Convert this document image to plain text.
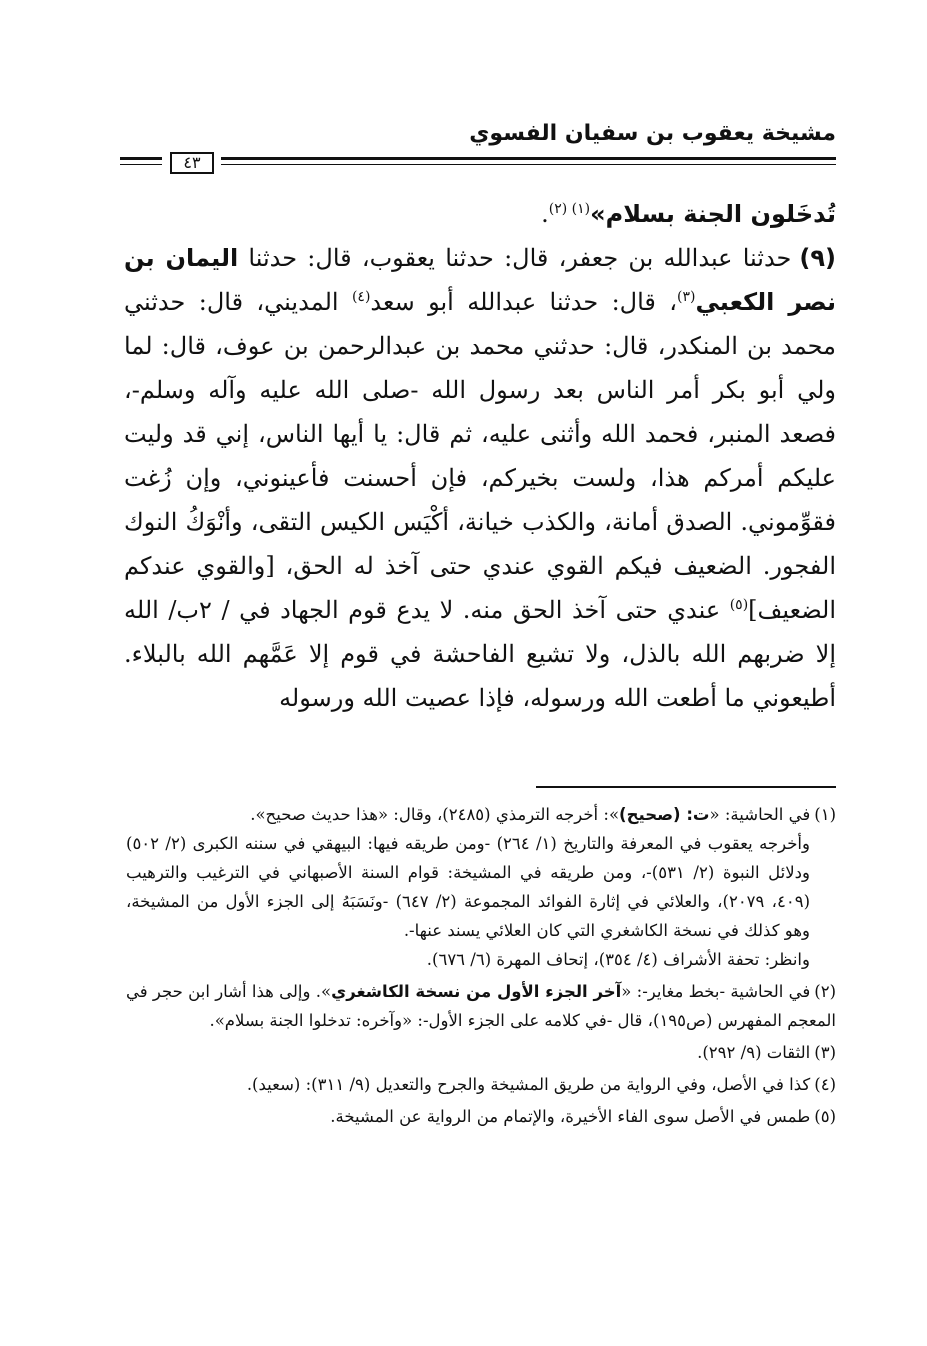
مشيخة يعقوب بن سفيان الفسوي
٤٣

تُدخَلون الجنة بسلام»$^{(١) (٢)}$.

(٩)حدثنا عبدالله بن جعفر، قال: حدثنا يعقوب، قال: حدثنا اليمان بن نصر الكعبي$^{(٣)}$، قال: حدثنا عبدالله أبو سعد$^{(٤)}$ المديني، قال: حدثني محمد بن المنكدر، قال: حدثني محمد بن عبدالرحمن بن عوف، قال: لما ولي أبو بكر أمر الناس بعد رسول الله -صلى الله عليه وآله وسلم-، فصعد المنبر، فحمد الله وأثنى عليه، ثم قال: يا أيها الناس، إني قد وليت عليكم أمركم هذا، ولست بخيركم، فإن أحسنت فأعينوني، وإن زُغت فقوِّموني. الصدق أمانة، والكذب خيانة، أكْيَس الكيس التقى، وأنْوَكُ النوك الفجور. الضعيف فيكم القوي عندي حتى آخذ له الحق، [والقوي عندكم الضعيف]$^{(٥)}$ عندي حتى آخذ الحق منه. لا يدع قوم الجهاد في / ٢ب/ الله إلا ضربهم الله بالذل، ولا تشيع الفاحشة في قوم إلا عَمَّهم الله بالبلاء. أطيعوني ما أطعت الله ورسوله، فإذا عصيت الله ورسوله

(١)في الحاشية: «ت: (صحيح)»: أخرجه الترمذي (٢٤٨٥)، وقال: «هذا حديث صحيح».
وأخرجه يعقوب في المعرفة والتاريخ (١/ ٢٦٤) -ومن طريقه فيها: البيهقي في سننه الكبرى (٢/ ٥٠٢) ودلائل النبوة (٢/ ٥٣١)-، ومن طريقه في المشيخة: قوام السنة الأصبهاني في الترغيب والترهيب (٤٠٩، ٢٠٧٩)، والعلائي في إثارة الفوائد المجموعة (٢/ ٦٤٧) -ونَسَبَهُ إلى الجزء الأول من المشيخة، وهو كذلك في نسخة الكاشغري التي كان العلائي يسند عنها-.
وانظر: تحفة الأشراف (٤/ ٣٥٤)، إتحاف المهرة (٦/ ٦٧٦).
(٢)في الحاشية -بخط مغاير-: «آخر الجزء الأول من نسخة الكاشغري». وإلى هذا أشار ابن حجر في المعجم المفهرس (ص١٩٥)، قال -في كلامه على الجزء الأول-: «وآخره: تدخلوا الجنة بسلام».
(٣)الثقات (٩/ ٢٩٢).
(٤)كذا في الأصل، وفي الرواية من طريق المشيخة والجرح والتعديل (٩/ ٣١١): (سعيد).
(٥)طمس في الأصل سوى الفاء الأخيرة، والإتمام من الرواية عن المشيخة.
